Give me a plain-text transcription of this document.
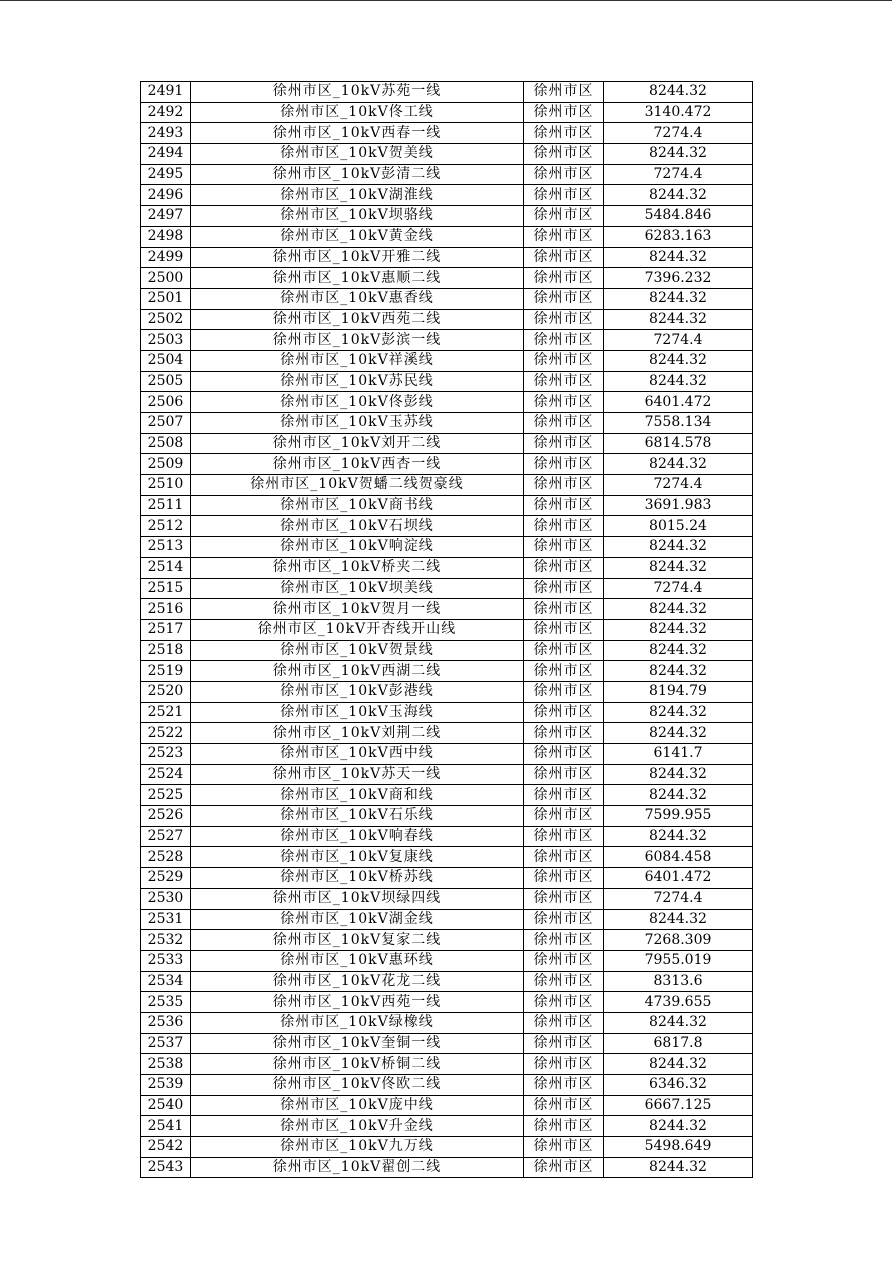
2491	徐州市区_10kV苏苑一线	徐州市区	8244.32
2492	徐州市区_10kV佟工线	徐州市区	3140.472
2493	徐州市区_10kV西春一线	徐州市区	7274.4
2494	徐州市区_10kV贺美线	徐州市区	8244.32
2495	徐州市区_10kV彭清二线	徐州市区	7274.4
2496	徐州市区_10kV湖淮线	徐州市区	8244.32
2497	徐州市区_10kV坝骆线	徐州市区	5484.846
2498	徐州市区_10kV黄金线	徐州市区	6283.163
2499	徐州市区_10kV开雅二线	徐州市区	8244.32
2500	徐州市区_10kV惠顺二线	徐州市区	7396.232
2501	徐州市区_10kV惠香线	徐州市区	8244.32
2502	徐州市区_10kV西苑二线	徐州市区	8244.32
2503	徐州市区_10kV彭滨一线	徐州市区	7274.4
2504	徐州市区_10kV祥溪线	徐州市区	8244.32
2505	徐州市区_10kV苏民线	徐州市区	8244.32
2506	徐州市区_10kV佟彭线	徐州市区	6401.472
2507	徐州市区_10kV玉苏线	徐州市区	7558.134
2508	徐州市区_10kV刘开二线	徐州市区	6814.578
2509	徐州市区_10kV西杏一线	徐州市区	8244.32
2510	徐州市区_10kV贺蟠二线贺豪线	徐州市区	7274.4
2511	徐州市区_10kV商书线	徐州市区	3691.983
2512	徐州市区_10kV石坝线	徐州市区	8015.24
2513	徐州市区_10kV响淀线	徐州市区	8244.32
2514	徐州市区_10kV桥夹二线	徐州市区	8244.32
2515	徐州市区_10kV坝美线	徐州市区	7274.4
2516	徐州市区_10kV贺月一线	徐州市区	8244.32
2517	徐州市区_10kV开杏线开山线	徐州市区	8244.32
2518	徐州市区_10kV贺景线	徐州市区	8244.32
2519	徐州市区_10kV西湖二线	徐州市区	8244.32
2520	徐州市区_10kV彭港线	徐州市区	8194.79
2521	徐州市区_10kV玉海线	徐州市区	8244.32
2522	徐州市区_10kV刘荆二线	徐州市区	8244.32
2523	徐州市区_10kV西中线	徐州市区	6141.7
2524	徐州市区_10kV苏天一线	徐州市区	8244.32
2525	徐州市区_10kV商和线	徐州市区	8244.32
2526	徐州市区_10kV石乐线	徐州市区	7599.955
2527	徐州市区_10kV响春线	徐州市区	8244.32
2528	徐州市区_10kV复康线	徐州市区	6084.458
2529	徐州市区_10kV桥苏线	徐州市区	6401.472
2530	徐州市区_10kV坝绿四线	徐州市区	7274.4
2531	徐州市区_10kV湖金线	徐州市区	8244.32
2532	徐州市区_10kV复家二线	徐州市区	7268.309
2533	徐州市区_10kV惠环线	徐州市区	7955.019
2534	徐州市区_10kV花龙二线	徐州市区	8313.6
2535	徐州市区_10kV西苑一线	徐州市区	4739.655
2536	徐州市区_10kV绿橡线	徐州市区	8244.32
2537	徐州市区_10kV奎铜一线	徐州市区	6817.8
2538	徐州市区_10kV桥铜二线	徐州市区	8244.32
2539	徐州市区_10kV佟欧二线	徐州市区	6346.32
2540	徐州市区_10kV庞中线	徐州市区	6667.125
2541	徐州市区_10kV升金线	徐州市区	8244.32
2542	徐州市区_10kV九万线	徐州市区	5498.649
2543	徐州市区_10kV翟创二线	徐州市区	8244.32
